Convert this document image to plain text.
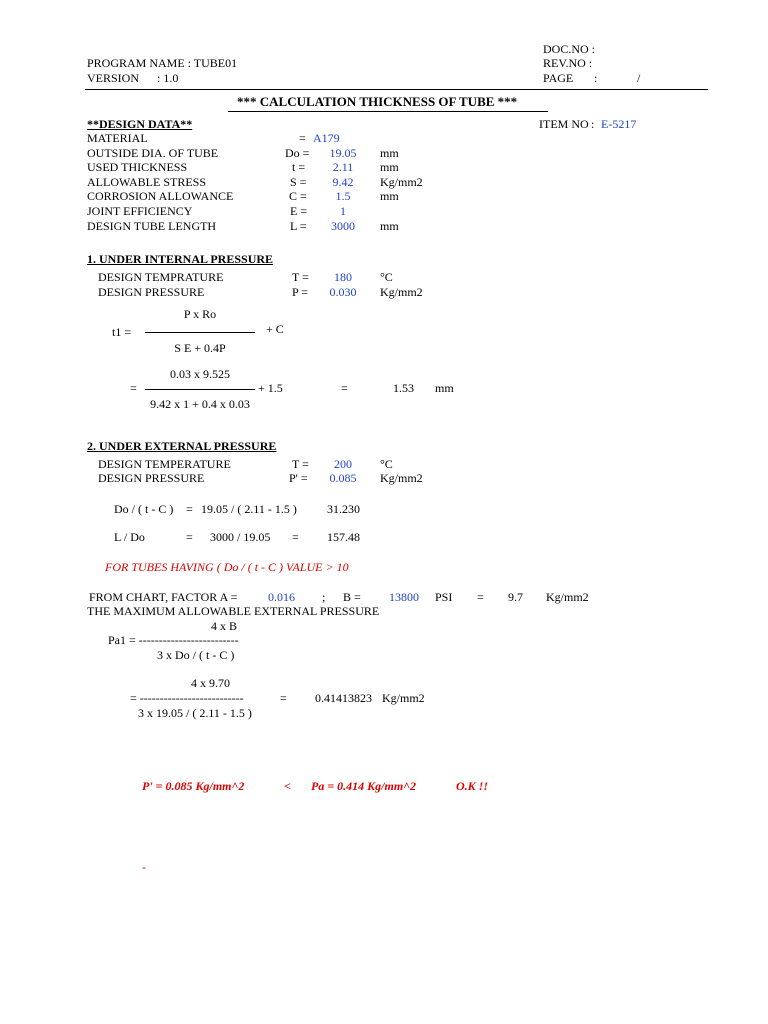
DOC.NO :
PROGRAM NAME : TUBE01	REV.NO :
VERSION : 1.0	PAGE :	/
*** CALCULATION THICKNESS OF TUBE ***
**DESIGN DATA**	ITEM NO : E-5217
MATERIAL	= A179
OUTSIDE DIA. OF TUBE	Do =	19.05	mm
USED THICKNESS	t =	2.11	mm
ALLOWABLE STRESS	S =	9.42	Kg/mm2
CORROSION ALLOWANCE	C =	1.5	mm
JOINT EFFICIENCY	E =	1
DESIGN TUBE LENGTH	L =	3000	mm
1. UNDER INTERNAL PRESSURE
DESIGN TEMPRATURE	T =	180	°C
DESIGN PRESSURE	P =	0.030	Kg/mm2
P x Ro
t1 =	+ C
S E + 0.4P
0.03 x 9.525
=	+ 1.5	=	1.53 mm
9.42 x 1 + 0.4 x 0.03
2. UNDER EXTERNAL PRESSURE
DESIGN TEMPERATURE	T =	200	°C
DESIGN PRESSURE	P' =	0.085	Kg/mm2
Do / ( t - C ) = 19.05 / ( 2.11 - 1.5 )	31.230
L / Do	= 3000 / 19.05 = 157.48
FOR TUBES HAVING ( Do / ( t - C ) VALUE > 10
FROM CHART, FACTOR A =	0.016 ; B = 13800 PSI = 9.7 Kg/mm2
THE MAXIMUM ALLOWABLE EXTERNAL PRESSURE
4 x B
Pa1 = -------------------------
3 x Do / ( t - C )
4 x 9.70
= --------------------------	= 0.41413823 Kg/mm2
3 x 19.05 / ( 2.11 - 1.5 )
P' = 0.085 Kg/mm^2	< Pa = 0.414 Kg/mm^2	O.K !!
-
